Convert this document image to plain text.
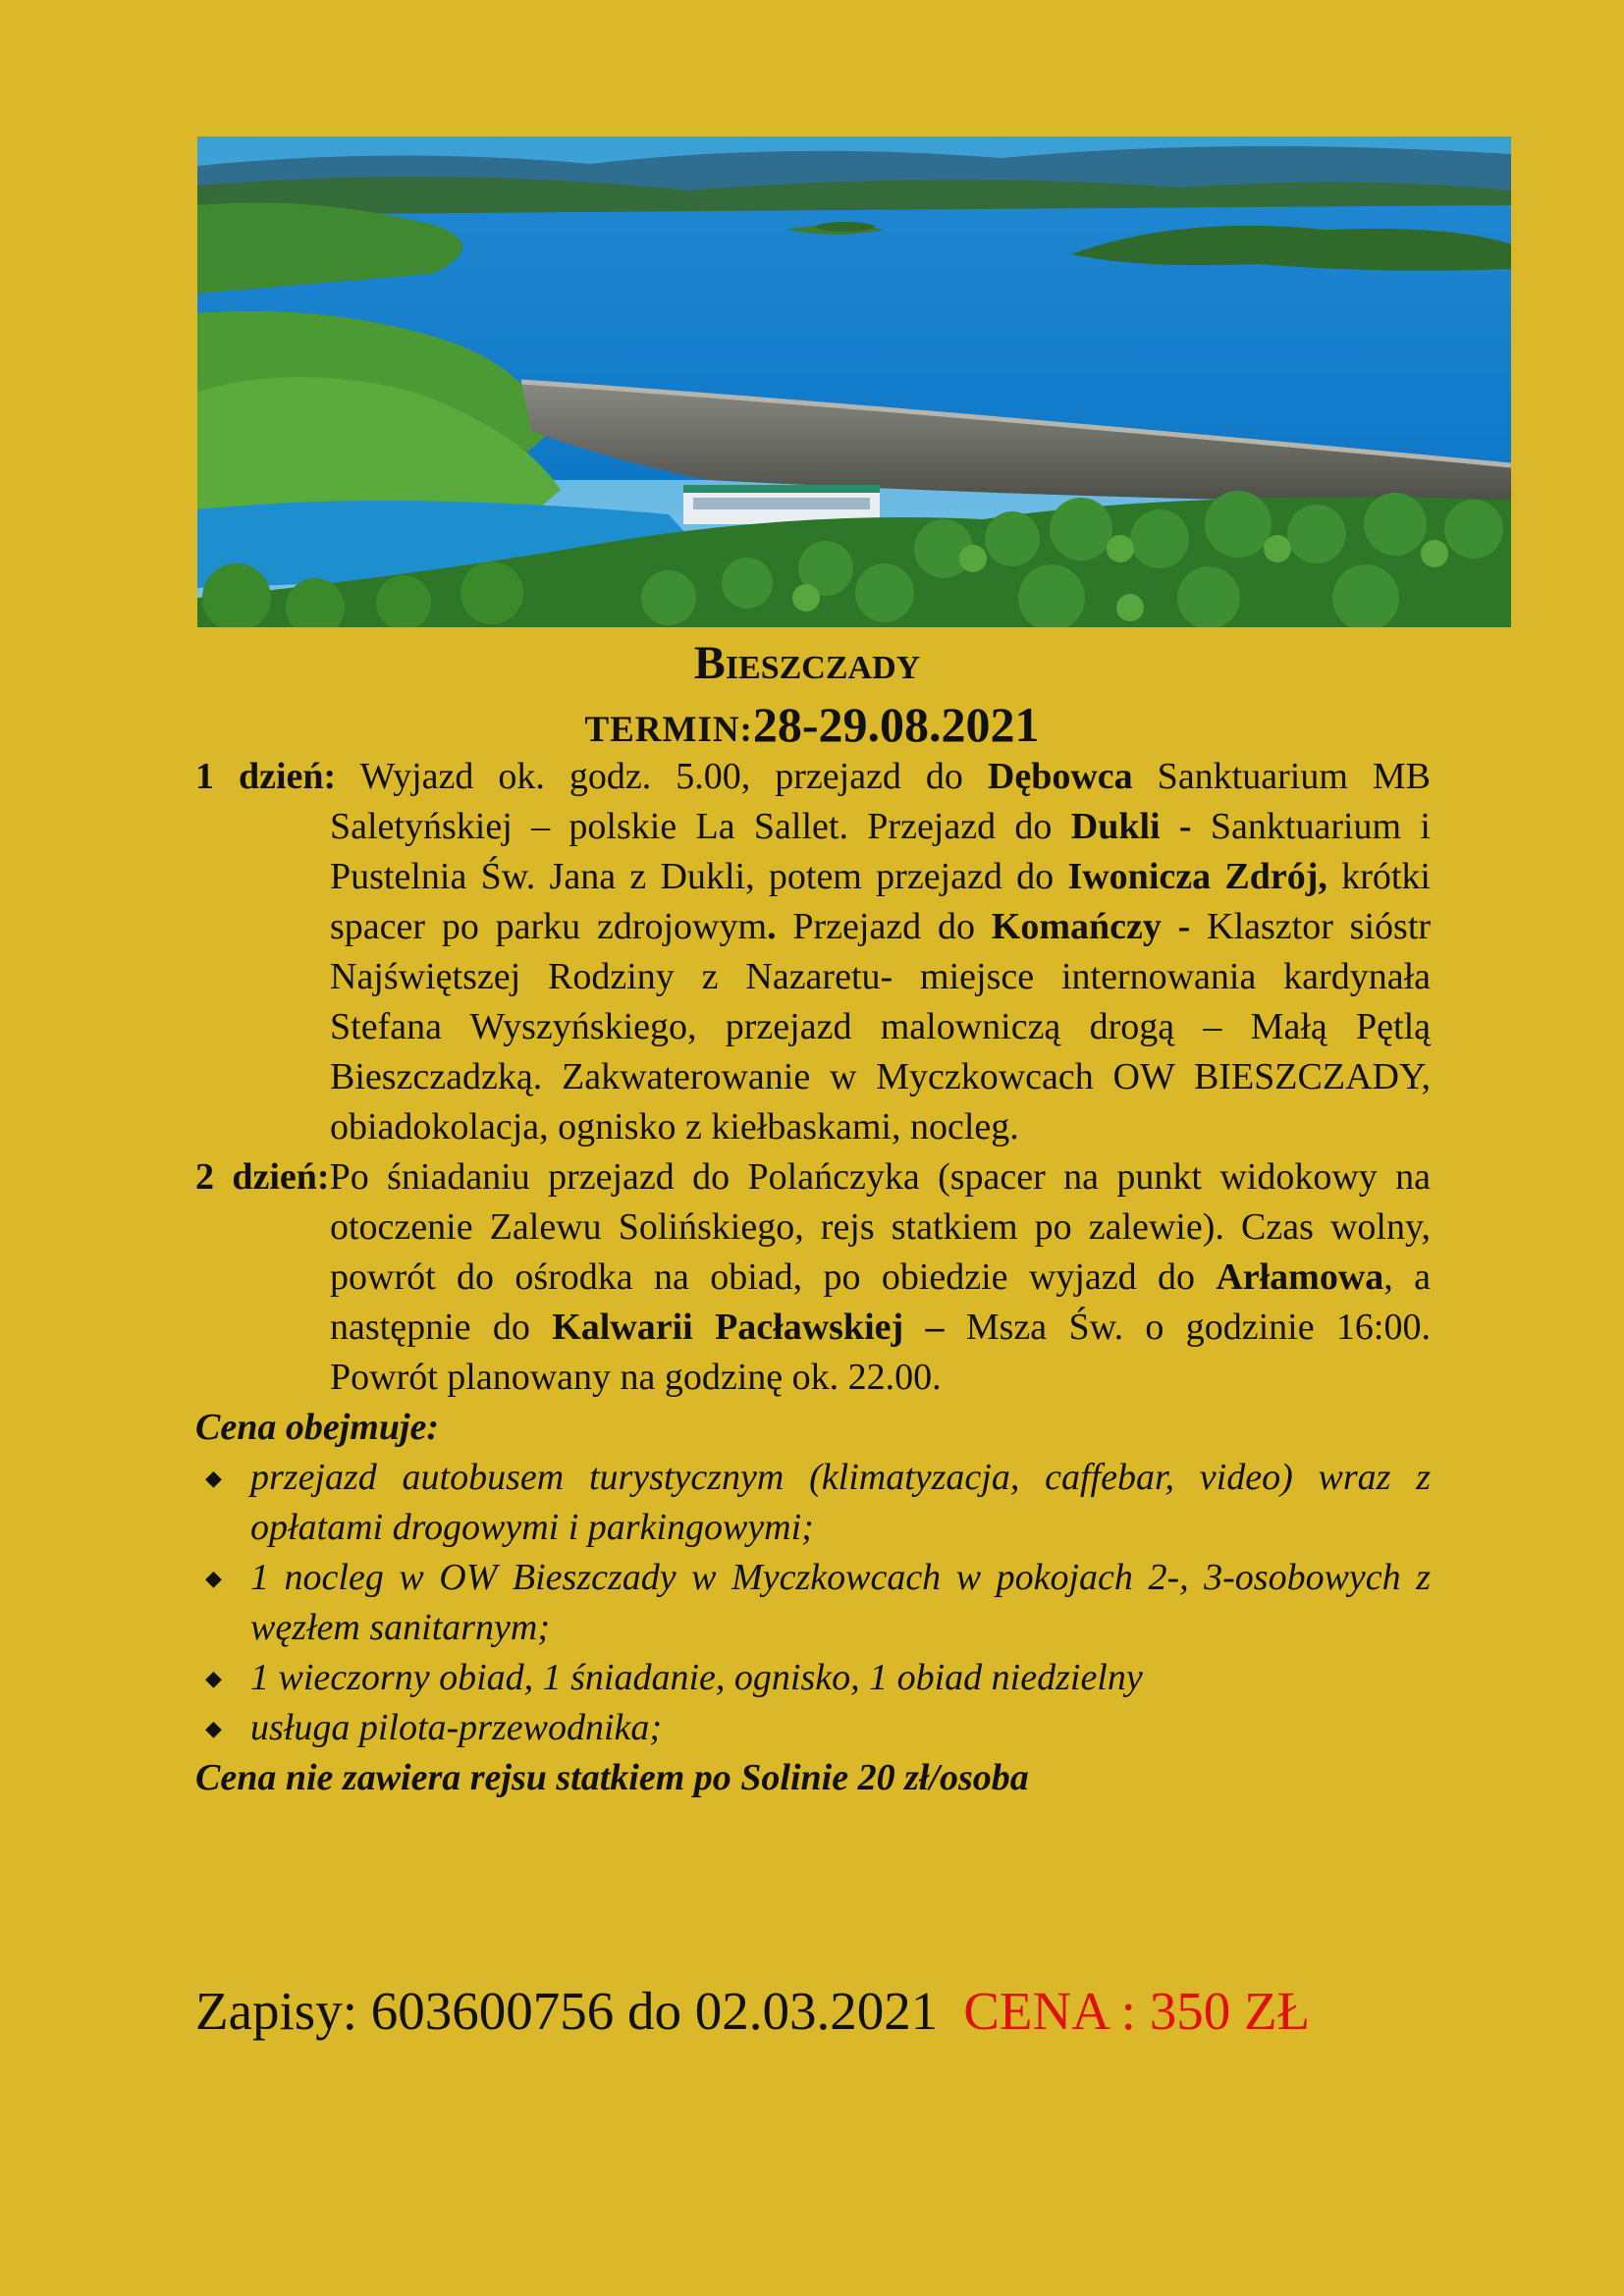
Bieszczady
TERMIN:28-29.08.2021

1 dzień: Wyjazd ok. godz. 5.00, przejazd do Dębowca Sanktuarium MB Saletyńskiej – polskie La Sallet. Przejazd do Dukli - Sanktuarium i Pustelnia Św. Jana z Dukli, potem przejazd do Iwonicza Zdrój, krótki spacer po parku zdrojowym. Przejazd do Komańczy - Klasztor sióstr Najświętszej Rodziny z Nazaretu- miejsce internowania kardynała Stefana Wyszyńskiego, przejazd malowniczą drogą – Małą Pętlą Bieszczadzką. Zakwaterowanie w Myczkowcach OW BIESZCZADY, obiadokolacja, ognisko z kiełbaskami, nocleg.

2 dzień:Po śniadaniu przejazd do Polańczyka (spacer na punkt widokowy na otoczenie Zalewu Solińskiego, rejs statkiem po zalewie). Czas wolny, powrót do ośrodka na obiad, po obiedzie wyjazd do Arłamowa, a następnie do Kalwarii Pacławskiej – Msza Św. o godzinie 16:00. Powrót planowany na godzinę ok. 22.00.

Cena obejmuje:

◆ przejazd autobusem turystycznym (klimatyzacja, caffebar, video) wraz z opłatami drogowymi i parkingowymi;
◆ 1 nocleg w OW Bieszczady w Myczkowcach w pokojach 2-, 3-osobowych z węzłem sanitarnym;
◆ 1 wieczorny obiad, 1 śniadanie, ognisko, 1 obiad niedzielny
◆ usługa pilota-przewodnika;

Cena nie zawiera rejsu statkiem po Solinie 20 zł/osoba

Zapisy: 603600756 do 02.03.2021 CENA : 350 ZŁ
